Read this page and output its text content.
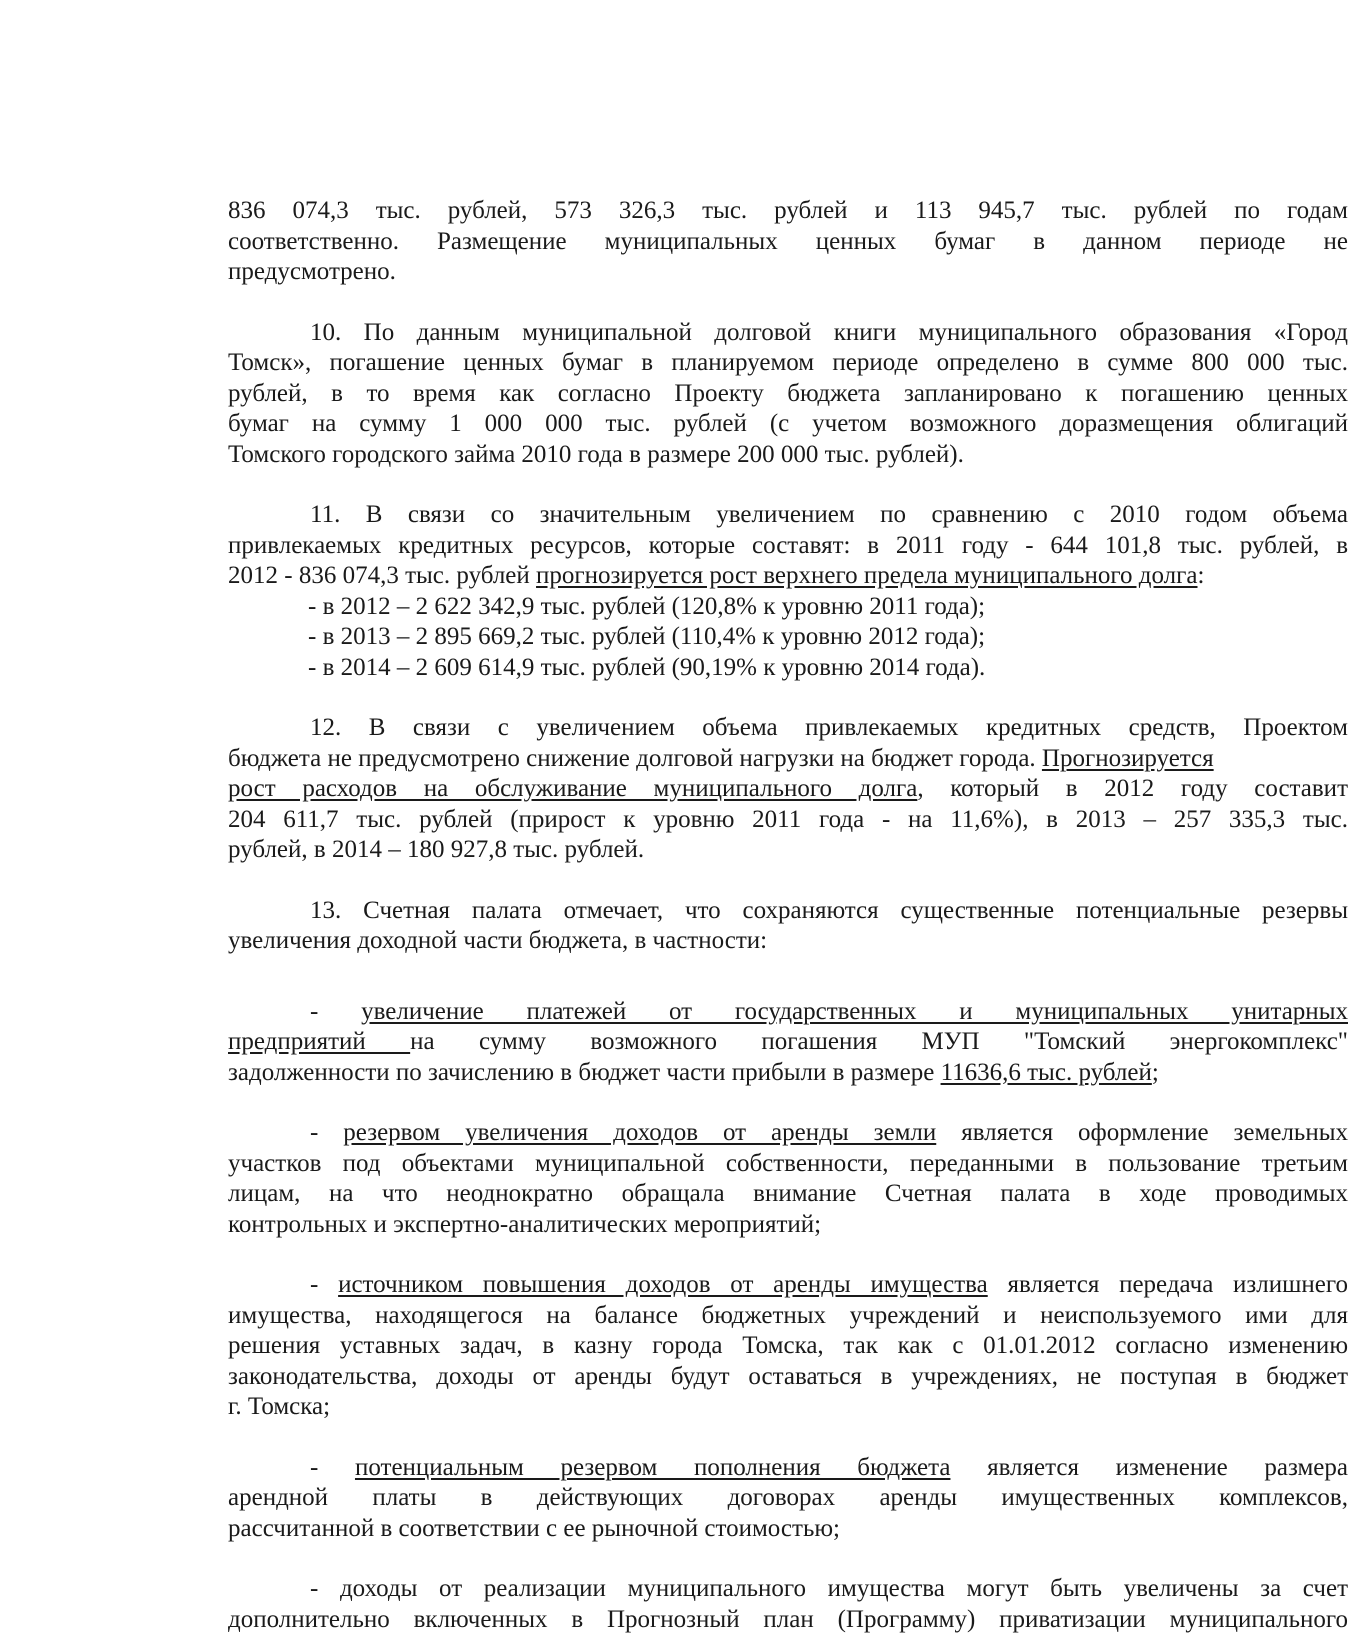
836 074,3 тыс. рублей, 573 326,3 тыс. рублей и 113 945,7 тыс. рублей по годам
соответственно. Размещение муниципальных ценных бумаг в данном периоде не
предусмотрено.
10. По данным муниципальной долговой книги муниципального образования «Город
Томск», погашение ценных бумаг в планируемом периоде определено в сумме 800 000 тыс.
рублей, в то время как согласно Проекту бюджета запланировано к погашению ценных
бумаг на сумму 1 000 000 тыс. рублей (с учетом возможного доразмещения облигаций
Томского городского займа 2010 года в размере 200 000 тыс. рублей).
11. В связи со значительным увеличением по сравнению с 2010 годом объема
привлекаемых кредитных ресурсов, которые составят: в 2011 году - 644 101,8 тыс. рублей, в
2012 - 836 074,3 тыс. рублей прогнозируется рост верхнего предела муниципального долга:
- в 2012 – 2 622 342,9 тыс. рублей (120,8% к уровню 2011 года);
- в 2013 – 2 895 669,2 тыс. рублей (110,4% к уровню 2012 года);
- в 2014 – 2 609 614,9 тыс. рублей (90,19% к уровню 2014 года).
12. В связи с увеличением объема привлекаемых кредитных средств, Проектом
бюджета не предусмотрено снижение долговой нагрузки на бюджет города. Прогнозируется
рост расходов на обслуживание муниципального долга, который в 2012 году составит
204 611,7 тыс. рублей (прирост к уровню 2011 года - на 11,6%), в 2013 – 257 335,3 тыс.
рублей, в 2014 – 180 927,8 тыс. рублей.
13. Счетная палата отмечает, что сохраняются существенные потенциальные резервы
увеличения доходной части бюджета, в частности:
- увеличение платежей от государственных и муниципальных унитарных
предприятий на сумму возможного погашения МУП "Томский энергокомплекс"
задолженности по зачислению в бюджет части прибыли в размере 11636,6 тыс. рублей;
- резервом увеличения доходов от аренды земли является оформление земельных
участков под объектами муниципальной собственности, переданными в пользование третьим
лицам, на что неоднократно обращала внимание Счетная палата в ходе проводимых
контрольных и экспертно-аналитических мероприятий;
- источником повышения доходов от аренды имущества является передача излишнего
имущества, находящегося на балансе бюджетных учреждений и неиспользуемого ими для
решения уставных задач, в казну города Томска, так как с 01.01.2012 согласно изменению
законодательства, доходы от аренды будут оставаться в учреждениях, не поступая в бюджет
г. Томска;
- потенциальным резервом пополнения бюджета является изменение размера
арендной платы в действующих договорах аренды имущественных комплексов,
рассчитанной в соответствии с ее рыночной стоимостью;
- доходы от реализации муниципального имущества могут быть увеличены за счет
дополнительно включенных в Прогнозный план (Программу) приватизации муниципального
